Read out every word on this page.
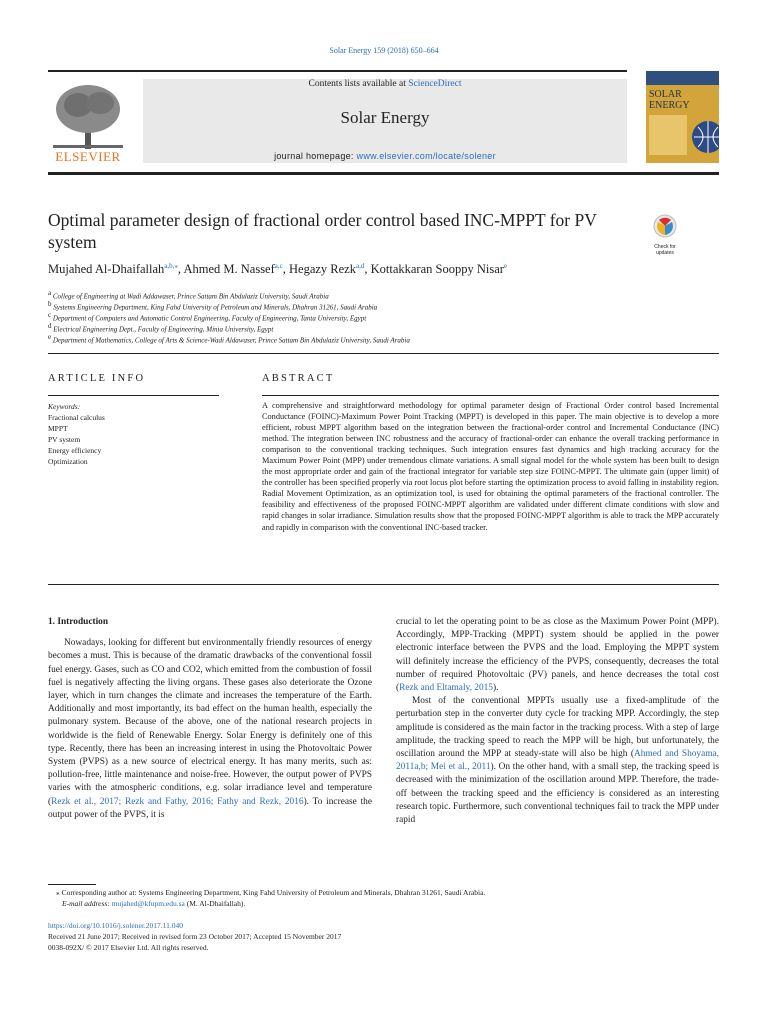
Solar Energy 159 (2018) 650–664
ELSEVIER
Contents lists available at ScienceDirect
Solar Energy
journal homepage: www.elsevier.com/locate/solener
SOLAR ENERGY
Optimal parameter design of fractional order control based INC-MPPT for PV system	Check for updates
Mujahed Al-Dhaifallah$^{a,b,⁎}$, Ahmed M. Nassef$^{a,c}$, Hegazy Rezk$^{a,d}$, Kottakkaran Sooppy Nisar$^e$
$^a$ College of Engineering at Wadi Addawaser, Prince Sattam Bin Abdulaziz University, Saudi Arabia
$^b$ Systems Engineering Department, King Fahd University of Petroleum and Minerals, Dhahran 31261, Saudi Arabia
$^c$ Department of Computers and Automatic Control Engineering, Faculty of Engineering, Tanta University, Egypt
$^d$ Electrical Engineering Dept., Faculty of Engineering, Minia University, Egypt
$^e$ Department of Mathematics, College of Arts & Science-Wadi Aldawaser, Prince Sattam Bin Abdulaziz University, Saudi Arabia
ARTICLE INFO
Keywords:
Fractional calculus
MPPT
PV system
Energy efficiency
Optimization
ABSTRACT
A comprehensive and straightforward methodology for optimal parameter design of Fractional Order control based Incremental Conductance (FOINC)-Maximum Power Point Tracking (MPPT) is developed in this paper. The main objective is to develop a more efficient, robust MPPT algorithm based on the integration between the fractional-order control and Incremental Conductance (INC) method. The integration between INC robustness and the accuracy of fractional-order can enhance the overall tracking performance in comparison to the conventional tracking techniques. Such integration ensures fast dynamics and high tracking accuracy for the Maximum Power Point (MPP) under tremendous climate variations. A small signal model for the whole system has been built to design the most appropriate order and gain of the fractional integrator for variable step size FOINC-MPPT. The ultimate gain (upper limit) of the controller has been specified properly via root locus plot before starting the optimization process to avoid falling in instability region. Radial Movement Optimization, as an optimization tool, is used for obtaining the optimal parameters of the fractional controller. The feasibility and effectiveness of the proposed FOINC-MPPT algorithm are validated under different climate conditions with slow and rapid changes in solar irradiance. Simulation results show that the proposed FOINC-MPPT algorithm is able to track the MPP accurately and rapidly in comparison with the conventional INC-based tracker.
1. Introduction

Nowadays, looking for different but environmentally friendly resources of energy becomes a must. This is because of the dramatic drawbacks of the conventional fossil fuel energy. Gases, such as CO and CO2, which emitted from the combustion of fossil fuel is negatively affecting the living organs. These gases also deteriorate the Ozone layer, which in turn changes the climate and increases the temperature of the Earth. Additionally and most importantly, its bad effect on the human health, especially the pulmonary system. Because of the above, one of the national research projects in worldwide is the field of Renewable Energy. Solar Energy is definitely one of this type. Recently, there has been an increasing interest in using the Photovoltaic Power System (PVPS) as a new source of electrical energy. It has many merits, such as: pollution-free, little maintenance and noise-free. However, the output power of PVPS varies with the atmospheric conditions, e.g. solar irradiance level and temperature (Rezk et al., 2017; Rezk and Fathy, 2016; Fathy and Rezk, 2016). To increase the output power of the PVPS, it is

crucial to let the operating point to be as close as the Maximum Power Point (MPP). Accordingly, MPP-Tracking (MPPT) system should be applied in the power electronic interface between the PVPS and the load. Employing the MPPT system will definitely increase the efficiency of the PVPS, consequently, decreases the total number of required Photovoltaic (PV) panels, and hence decreases the total cost (Rezk and Eltamaly, 2015).

Most of the conventional MPPTs usually use a fixed-amplitude of the perturbation step in the converter duty cycle for tracking MPP. Accordingly, the step amplitude is considered as the main factor in the tracking process. With a step of large amplitude, the tracking speed to reach the MPP will be high, but unfortunately, the oscillation around the MPP at steady-state will also be high (Ahmed and Shoyama, 2011a,b; Mei et al., 2011). On the other hand, with a small step, the tracking speed is decreased with the minimization of the oscillation around MPP. Therefore, the trade-off between the tracking speed and the efficiency is considered as an interesting research topic. Furthermore, such conventional techniques fail to track the MPP under rapid

⁎ Corresponding author at: Systems Engineering Department, King Fahd University of Petroleum and Minerals, Dhahran 31261, Saudi Arabia.
E-mail address: mujahed@kfupm.edu.sa (M. Al-Dhaifallah).
https://doi.org/10.1016/j.solener.2017.11.040
Received 21 June 2017; Received in revised form 23 October 2017; Accepted 15 November 2017
0038-092X/ © 2017 Elsevier Ltd. All rights reserved.
